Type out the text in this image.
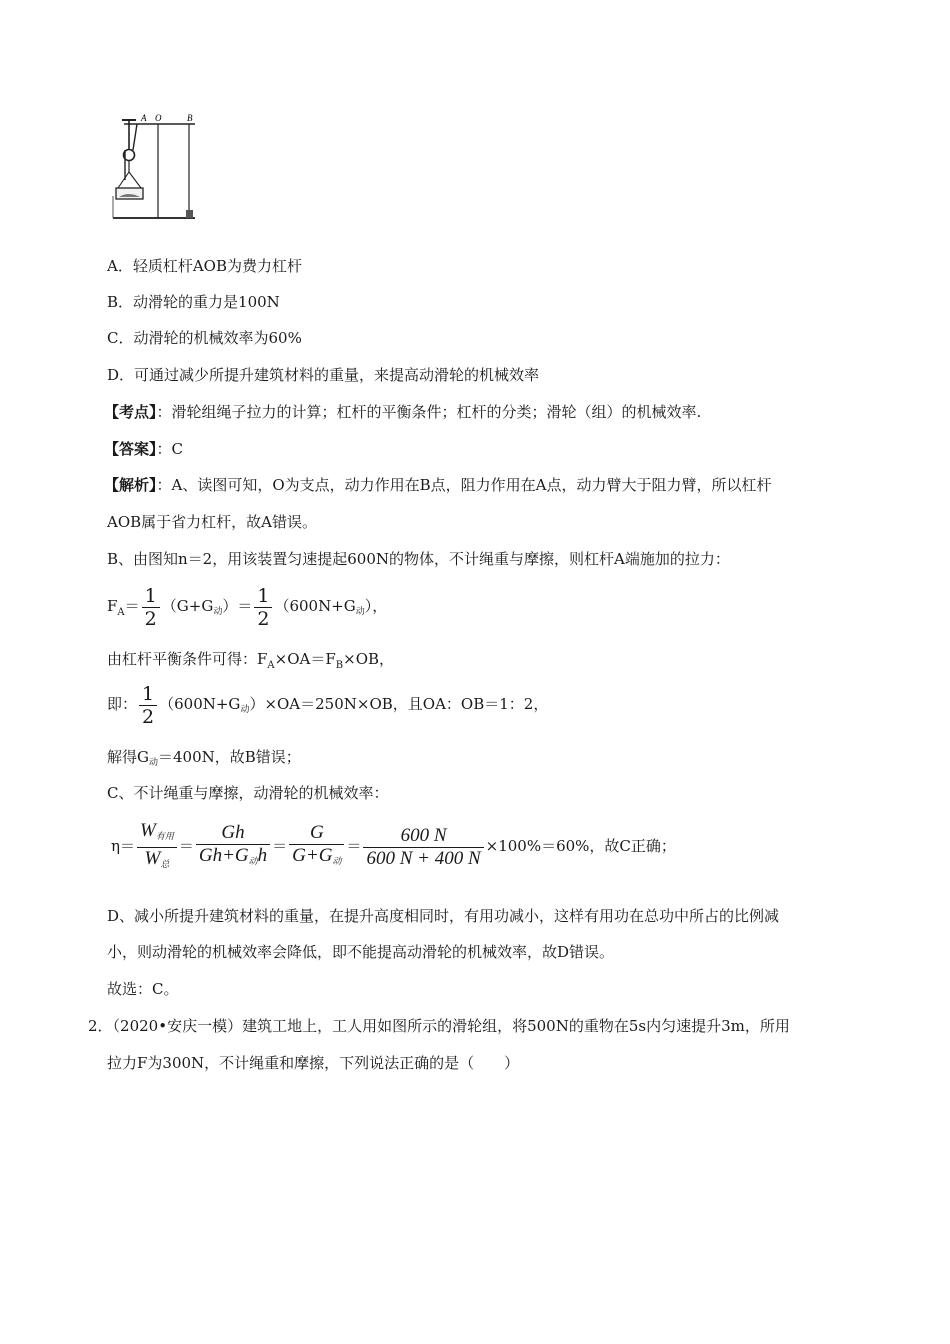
A O	B
A．轻质杠杆AOB为费力杠杆
B．动滑轮的重力是100N
C．动滑轮的机械效率为60%
D．可通过减少所提升建筑材料的重量，来提高动滑轮的机械效率
【考点】：滑轮组绳子拉力的计算；杠杆的平衡条件；杠杆的分类；滑轮（组）的机械效率.
【答案】：C
【解析】：A、读图可知，O为支点，动力作用在B点，阻力作用在A点，动力臂大于阻力臂，所以杠杆
AOB属于省力杠杆，故A错误。
B、由图知n＝2，用该装置匀速提起600N的物体，不计绳重与摩擦，则杠杆A端施加的拉力：
$F_A= \frac{1}{2} (G+G_动)= \frac{1}{2} (600N+G_动)$，
由杠杆平衡条件可得：$F_A\times OA=F_B\times OB$，
即： $\frac{1}{2} (600N+G_动)\times OA=250N\times OB$，且OA：OB＝1：2，
解得$G_动=400N$，故B错误；
C、不计绳重与摩擦，动滑轮的机械效率：
$\eta= \frac{\text{W有用}}{\text{W总}} = \frac{Gh}{\text{Gh+G动h}} = \frac{G}{\text{G+G动}} = \frac{600 N}{600 N + 400 N} \times 100\%=60\%$，故C正确；
D、减小所提升建筑材料的重量，在提升高度相同时，有用功减小，这样有用功在总功中所占的比例减
小，则动滑轮的机械效率会降低，即不能提高动滑轮的机械效率，故D错误。
故选：C。
2．（2020•安庆一模）建筑工地上，工人用如图所示的滑轮组，将500N的重物在5s内匀速提升3m，所用
拉力F为300N，不计绳重和摩擦，下列说法正确的是（　　）
